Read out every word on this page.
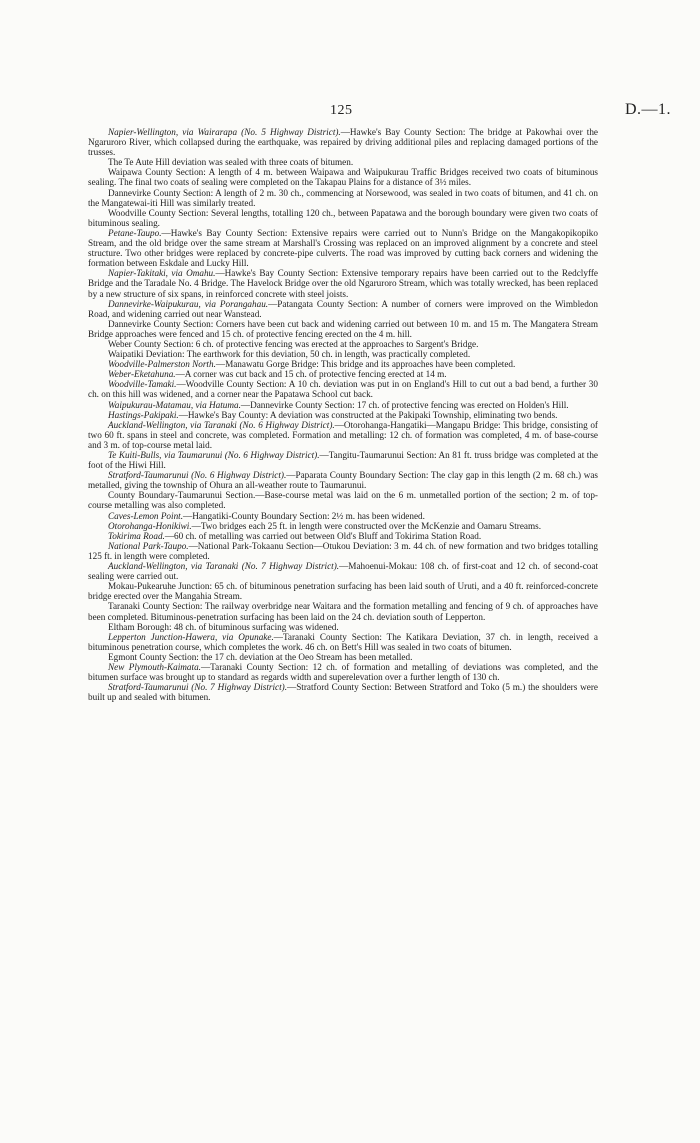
125	D.—1.

Napier-Wellington, via Wairarapa (No. 5 Highway District).—Hawke's Bay County Section: The bridge at Pakowhai over the Ngaruroro River, which collapsed during the earthquake, was repaired by driving additional piles and replacing damaged portions of the trusses.

The Te Aute Hill deviation was sealed with three coats of bitumen.

Waipawa County Section: A length of 4 m. between Waipawa and Waipukurau Traffic Bridges received two coats of bituminous sealing. The final two coats of sealing were completed on the Takapau Plains for a distance of 3½ miles.

Dannevirke County Section: A length of 2 m. 30 ch., commencing at Norsewood, was sealed in two coats of bitumen, and 41 ch. on the Mangatewai-iti Hill was similarly treated.

Woodville County Section: Several lengths, totalling 120 ch., between Papatawa and the borough boundary were given two coats of bituminous sealing.

Petane-Taupo.—Hawke's Bay County Section: Extensive repairs were carried out to Nunn's Bridge on the Mangakopikopiko Stream, and the old bridge over the same stream at Marshall's Crossing was replaced on an improved alignment by a concrete and steel structure. Two other bridges were replaced by concrete-pipe culverts. The road was improved by cutting back corners and widening the formation between Eskdale and Lucky Hill.

Napier-Takitaki, via Omahu.—Hawke's Bay County Section: Extensive temporary repairs have been carried out to the Redclyffe Bridge and the Taradale No. 4 Bridge. The Havelock Bridge over the old Ngaruroro Stream, which was totally wrecked, has been replaced by a new structure of six spans, in reinforced concrete with steel joists.

Dannevirke-Waipukurau, via Porangahau.—Patangata County Section: A number of corners were improved on the Wimbledon Road, and widening carried out near Wanstead.

Dannevirke County Section: Corners have been cut back and widening carried out between 10 m. and 15 m. The Mangatera Stream Bridge approaches were fenced and 15 ch. of protective fencing erected on the 4 m. hill.

Weber County Section: 6 ch. of protective fencing was erected at the approaches to Sargent's Bridge.

Waipatiki Deviation: The earthwork for this deviation, 50 ch. in length, was practically completed.

Woodville-Palmerston North.—Manawatu Gorge Bridge: This bridge and its approaches have been completed.

Weber-Eketahuna.—A corner was cut back and 15 ch. of protective fencing erected at 14 m.

Woodville-Tamaki.—Woodville County Section: A 10 ch. deviation was put in on England's Hill to cut out a bad bend, a further 30 ch. on this hill was widened, and a corner near the Papatawa School cut back.

Waipukurau-Matamau, via Hatuma.—Dannevirke County Section: 17 ch. of protective fencing was erected on Holden's Hill.

Hastings-Pakipaki.—Hawke's Bay County: A deviation was constructed at the Pakipaki Township, eliminating two bends.

Auckland-Wellington, via Taranaki (No. 6 Highway District).—Otorohanga-Hangatiki—Mangapu Bridge: This bridge, consisting of two 60 ft. spans in steel and concrete, was completed. Formation and metalling: 12 ch. of formation was completed, 4 m. of base-course and 3 m. of top-course metal laid.

Te Kuiti-Bulls, via Taumarunui (No. 6 Highway District).—Tangitu-Taumarunui Section: An 81 ft. truss bridge was completed at the foot of the Hiwi Hill.

Stratford-Taumarunui (No. 6 Highway District).—Paparata County Boundary Section: The clay gap in this length (2 m. 68 ch.) was metalled, giving the township of Ohura an all-weather route to Taumarunui.

County Boundary-Taumarunui Section.—Base-course metal was laid on the 6 m. unmetalled portion of the section; 2 m. of top-course metalling was also completed.

Caves-Lemon Point.—Hangatiki-County Boundary Section: 2½ m. has been widened.

Otorohanga-Honikiwi.—Two bridges each 25 ft. in length were constructed over the McKenzie and Oamaru Streams.

Tokirima Road.—60 ch. of metalling was carried out between Old's Bluff and Tokirima Station Road.

National Park-Taupo.—National Park-Tokaanu Section—Otukou Deviation: 3 m. 44 ch. of new formation and two bridges totalling 125 ft. in length were completed.

Auckland-Wellington, via Taranaki (No. 7 Highway District).—Mahoenui-Mokau: 108 ch. of first-coat and 12 ch. of second-coat sealing were carried out.

Mokau-Pukearuhe Junction: 65 ch. of bituminous penetration surfacing has been laid south of Uruti, and a 40 ft. reinforced-concrete bridge erected over the Mangahia Stream.

Taranaki County Section: The railway overbridge near Waitara and the formation metalling and fencing of 9 ch. of approaches have been completed. Bituminous-penetration surfacing has been laid on the 24 ch. deviation south of Lepperton.

Eltham Borough: 48 ch. of bituminous surfacing was widened.

Lepperton Junction-Hawera, via Opunake.—Taranaki County Section: The Katikara Deviation, 37 ch. in length, received a bituminous penetration course, which completes the work. 46 ch. on Bett's Hill was sealed in two coats of bitumen.

Egmont County Section: the 17 ch. deviation at the Oeo Stream has been metalled.

New Plymouth-Kaimata.—Taranaki County Section: 12 ch. of formation and metalling of deviations was completed, and the bitumen surface was brought up to standard as regards width and superelevation over a further length of 130 ch.

Stratford-Taumarunui (No. 7 Highway District).—Stratford County Section: Between Stratford and Toko (5 m.) the shoulders were built up and sealed with bitumen.
